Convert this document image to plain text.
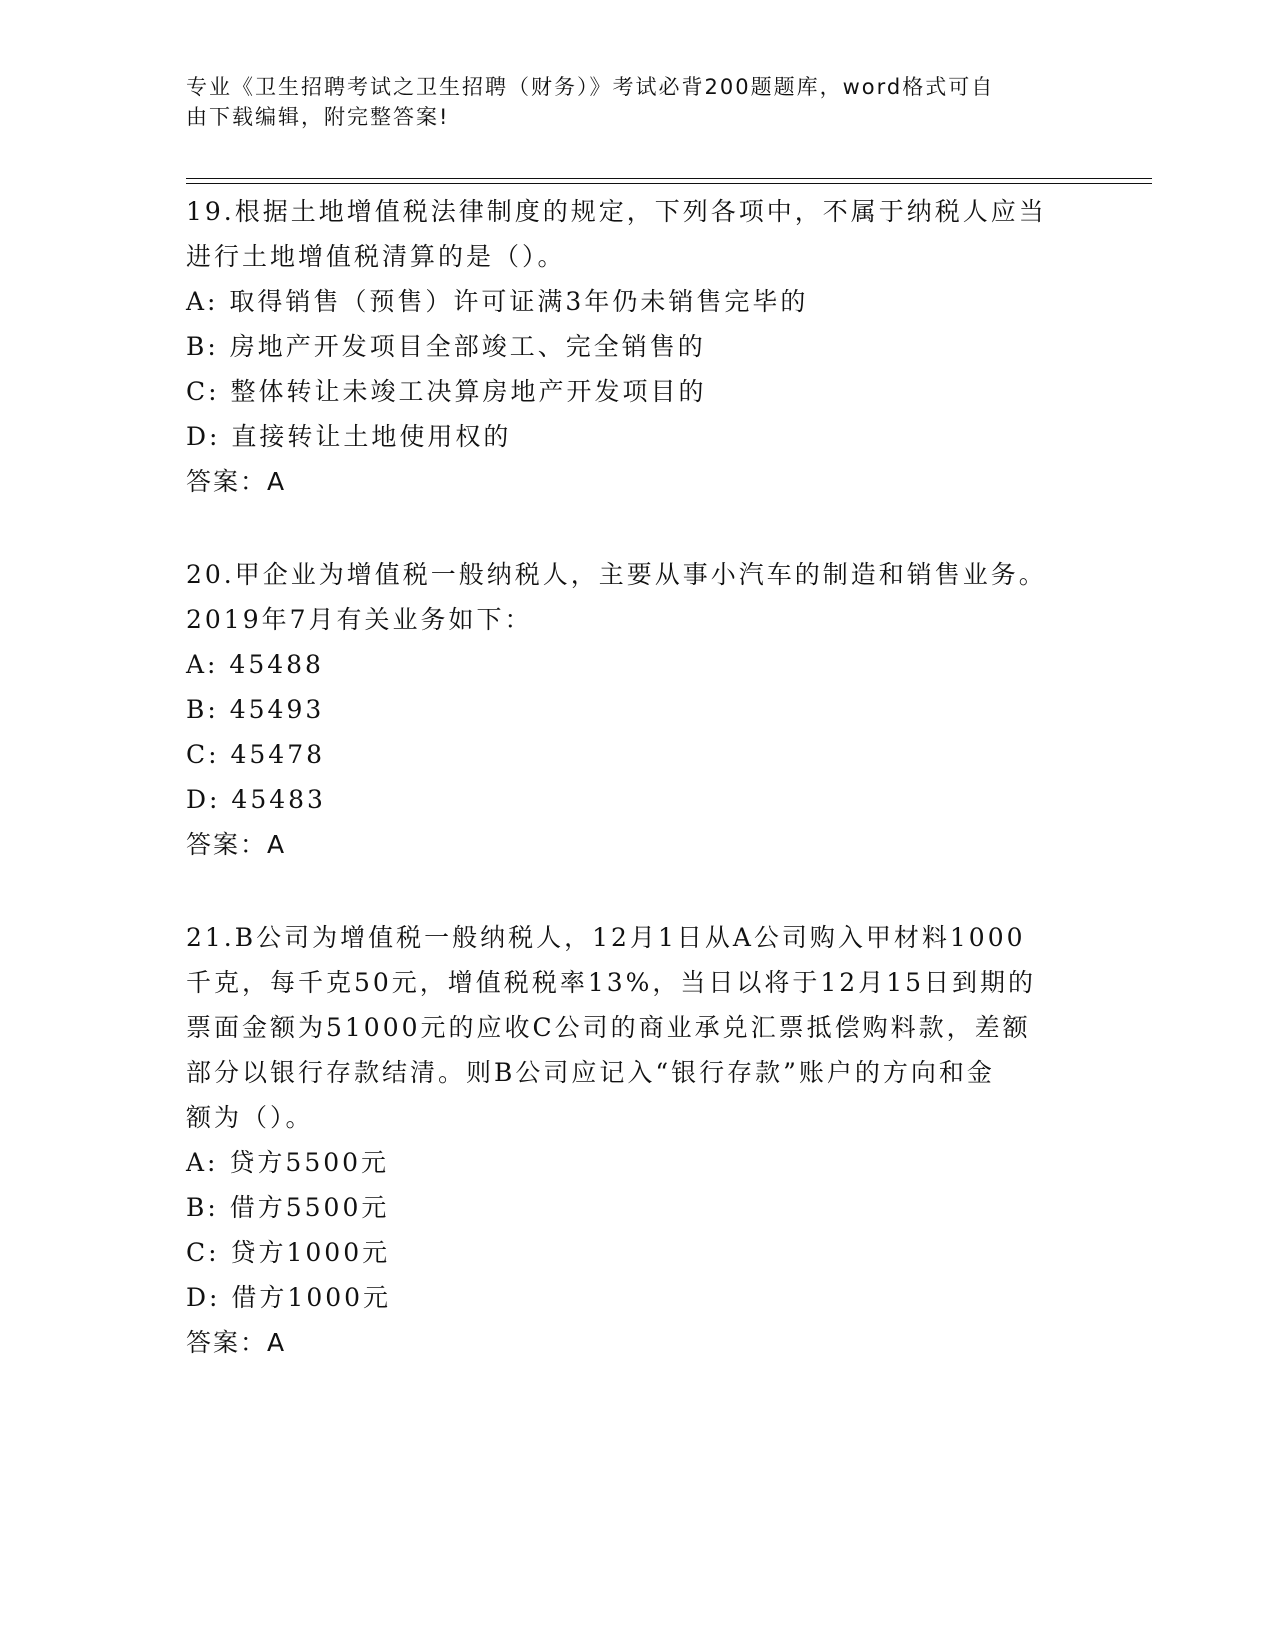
专业《卫生招聘考试之卫生招聘（财务）》考试必背200题题库，word格式可自
由下载编辑，附完整答案!
19.根据土地增值税法律制度的规定，下列各项中，不属于纳税人应当
进行土地增值税清算的是（）。
A: 取得销售（预售）许可证满3年仍未销售完毕的
B: 房地产开发项目全部竣工、完全销售的
C: 整体转让未竣工决算房地产开发项目的
D: 直接转让土地使用权的
答案：A
20.甲企业为增值税一般纳税人，主要从事小汽车的制造和销售业务。
2019年7月有关业务如下：
A: 45488
B: 45493
C: 45478
D: 45483
答案：A
21.B公司为增值税一般纳税人，12月1日从A公司购入甲材料1000
千克，每千克50元，增值税税率13%，当日以将于12月15日到期的
票面金额为51000元的应收C公司的商业承兑汇票抵偿购料款，差额
部分以银行存款结清。则B公司应记入“银行存款”账户的方向和金
额为（）。
A: 贷方5500元
B: 借方5500元
C: 贷方1000元
D: 借方1000元
答案：A
